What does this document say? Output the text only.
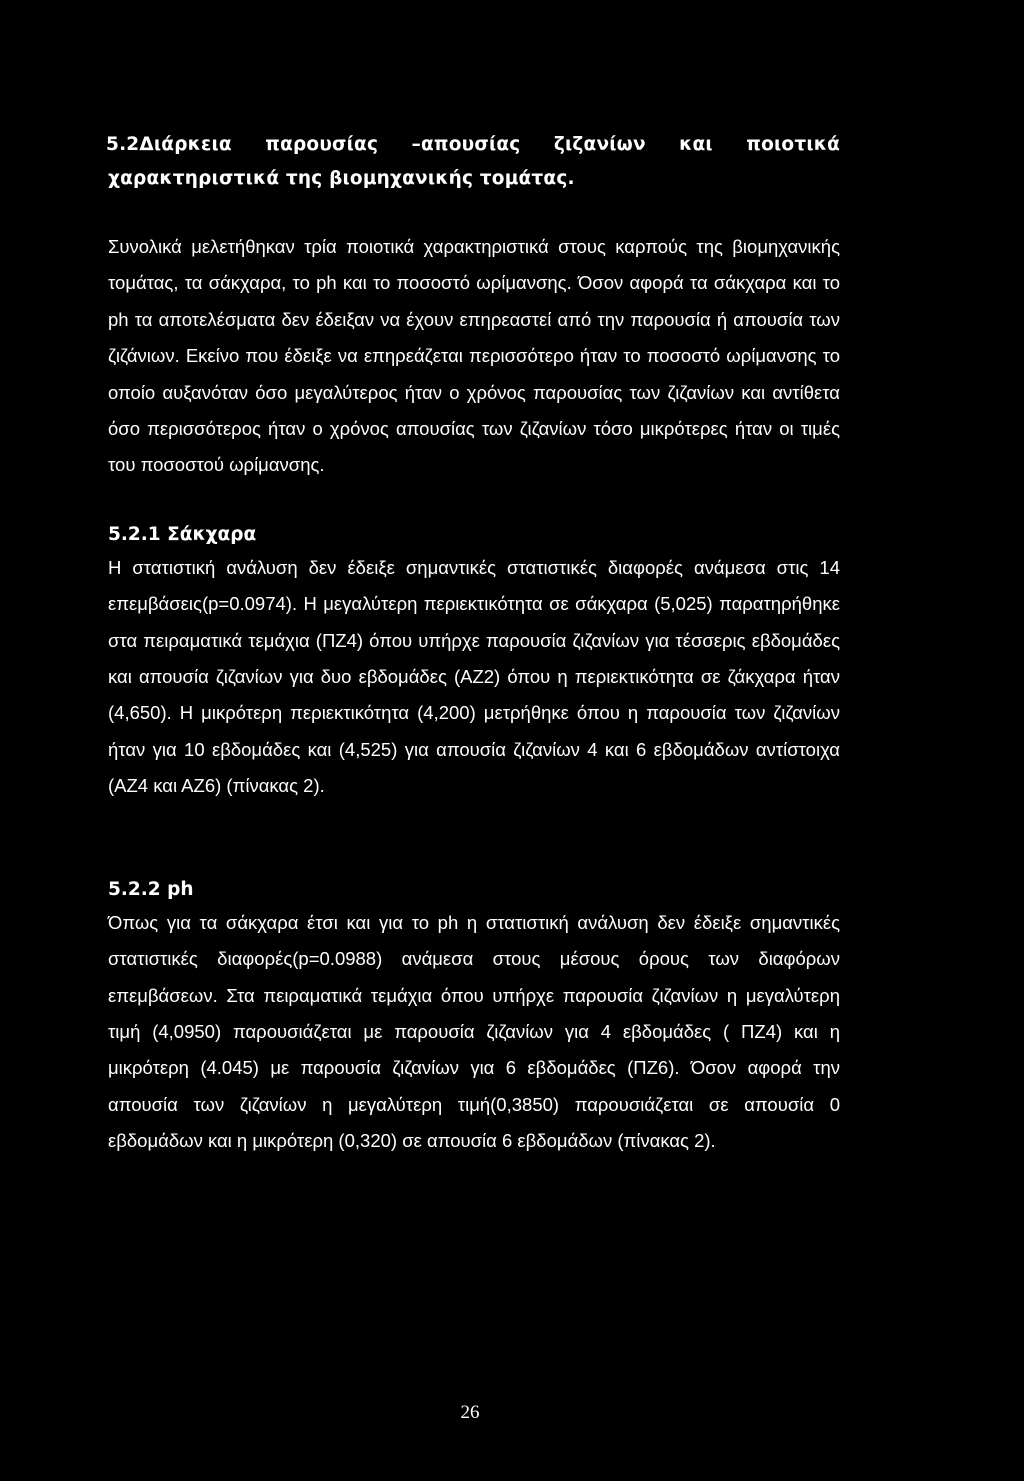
5.2Διάρκεια παρουσίας –απουσίας ζιζανίων και ποιοτικά χαρακτηριστικά της βιομηχανικής τομάτας.

Συνολικά μελετήθηκαν τρία ποιοτικά χαρακτηριστικά στους καρπούς της βιομηχανικής τομάτας, τα σάκχαρα, το ph και το ποσοστό ωρίμανσης. Όσον αφορά τα σάκχαρα και το ph τα αποτελέσματα δεν έδειξαν να έχουν επηρεαστεί από την παρουσία ή απουσία των ζιζάνιων. Εκείνο που έδειξε να επηρεάζεται περισσότερο ήταν το ποσοστό ωρίμανσης το οποίο αυξανόταν όσο μεγαλύτερος ήταν ο χρόνος παρουσίας των ζιζανίων και αντίθετα όσο περισσότερος ήταν ο χρόνος απουσίας των ζιζανίων τόσο μικρότερες ήταν οι τιμές του ποσοστού ωρίμανσης.

5.2.1 Σάκχαρα

Η στατιστική ανάλυση δεν έδειξε σημαντικές στατιστικές διαφορές ανάμεσα στις 14 επεμβάσεις(p=0.0974). Η μεγαλύτερη περιεκτικότητα σε σάκχαρα (5,025) παρατηρήθηκε στα πειραματικά τεμάχια (ΠΖ4) όπου υπήρχε παρουσία ζιζανίων για τέσσερις εβδομάδες και απουσία ζιζανίων για δυο εβδομάδες (ΑΖ2) όπου η περιεκτικότητα σε ζάκχαρα ήταν (4,650). Η μικρότερη περιεκτικότητα (4,200) μετρήθηκε όπου η παρουσία των ζιζανίων ήταν για 10 εβδομάδες και (4,525) για απουσία ζιζανίων 4 και 6 εβδομάδων αντίστοιχα (ΑΖ4 και ΑΖ6) (πίνακας 2).

5.2.2 ph

Όπως για τα σάκχαρα έτσι και για το ph η στατιστική ανάλυση δεν έδειξε σημαντικές στατιστικές διαφορές(p=0.0988) ανάμεσα στους μέσους όρους των διαφόρων επεμβάσεων. Στα πειραματικά τεμάχια όπου υπήρχε παρουσία ζιζανίων η μεγαλύτερη τιμή (4,0950) παρουσιάζεται με παρουσία ζιζανίων για 4 εβδομάδες ( ΠΖ4) και η μικρότερη (4.045) με παρουσία ζιζανίων για 6 εβδομάδες (ΠΖ6). Όσον αφορά την απουσία των ζιζανίων η μεγαλύτερη τιμή(0,3850) παρουσιάζεται σε απουσία 0 εβδομάδων και η μικρότερη (0,320) σε απουσία 6 εβδομάδων (πίνακας 2).

26
